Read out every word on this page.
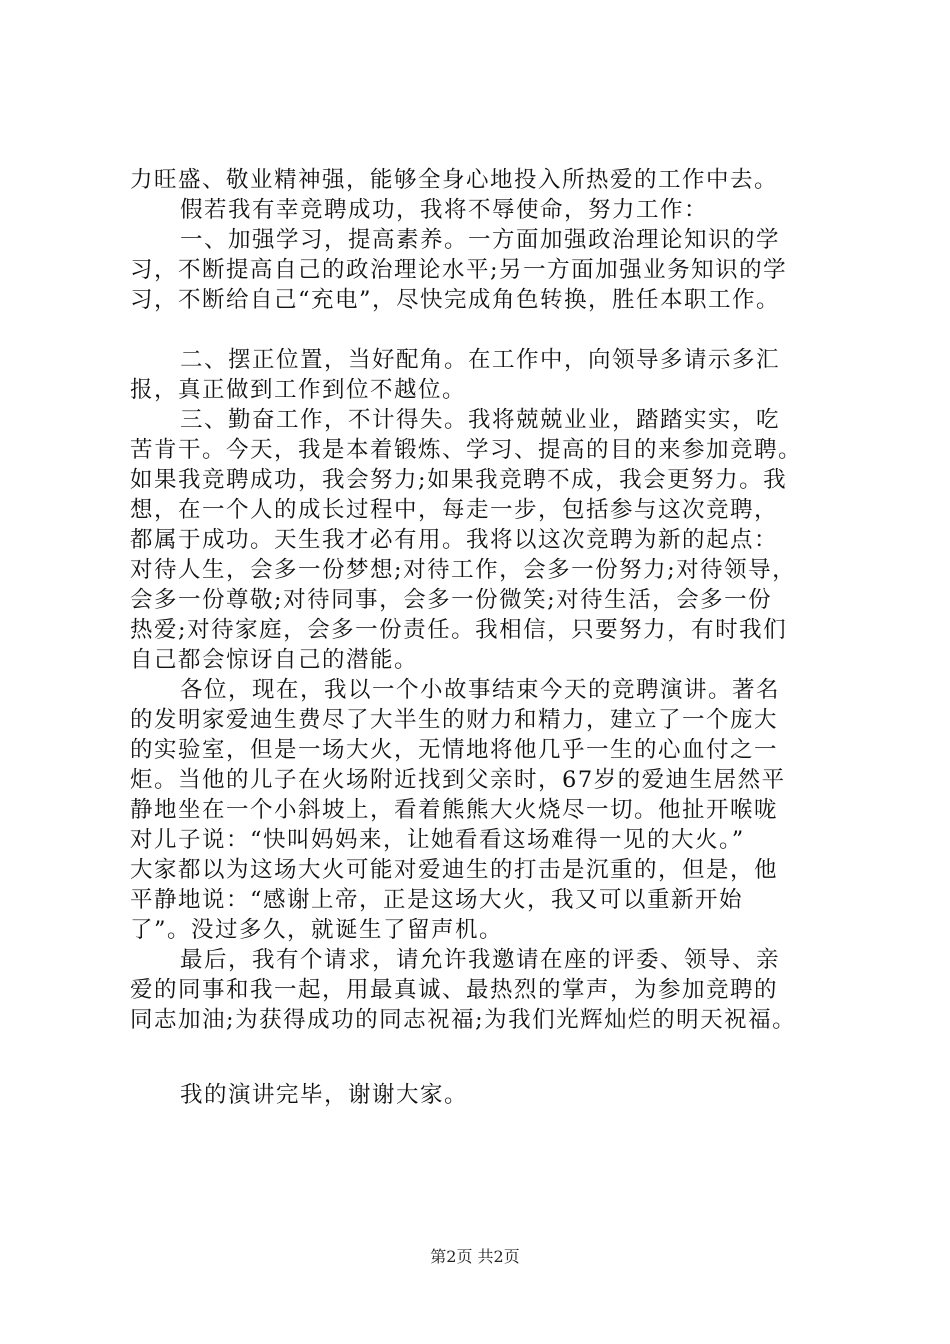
力旺盛、敬业精神强，能够全身心地投入所热爱的工作中去。
假若我有幸竞聘成功，我将不辱使命，努力工作：
一、加强学习，提高素养。一方面加强政治理论知识的学
习，不断提高自己的政治理论水平;另一方面加强业务知识的学
习，不断给自己“充电”，尽快完成角色转换，胜任本职工作。
二、摆正位置，当好配角。在工作中，向领导多请示多汇
报，真正做到工作到位不越位。
三、勤奋工作，不计得失。我将兢兢业业，踏踏实实，吃
苦肯干。今天，我是本着锻炼、学习、提高的目的来参加竞聘。
如果我竞聘成功，我会努力;如果我竞聘不成，我会更努力。我
想，在一个人的成长过程中，每走一步，包括参与这次竞聘，
都属于成功。天生我才必有用。我将以这次竞聘为新的起点：
对待人生，会多一份梦想;对待工作，会多一份努力;对待领导，
会多一份尊敬;对待同事，会多一份微笑;对待生活，会多一份
热爱;对待家庭，会多一份责任。我相信，只要努力，有时我们
自己都会惊讶自己的潜能。
各位，现在，我以一个小故事结束今天的竞聘演讲。著名
的发明家爱迪生费尽了大半生的财力和精力，建立了一个庞大
的实验室，但是一场大火，无情地将他几乎一生的心血付之一
炬。当他的儿子在火场附近找到父亲时，67岁的爱迪生居然平
静地坐在一个小斜坡上，看着熊熊大火烧尽一切。他扯开喉咙
对儿子说：“快叫妈妈来，让她看看这场难得一见的大火。”
大家都以为这场大火可能对爱迪生的打击是沉重的，但是，他
平静地说：“感谢上帝，正是这场大火，我又可以重新开始
了”。没过多久，就诞生了留声机。
最后，我有个请求，请允许我邀请在座的评委、领导、亲
爱的同事和我一起，用最真诚、最热烈的掌声，为参加竞聘的
同志加油;为获得成功的同志祝福;为我们光辉灿烂的明天祝福。
我的演讲完毕，谢谢大家。
第2页 共2页
